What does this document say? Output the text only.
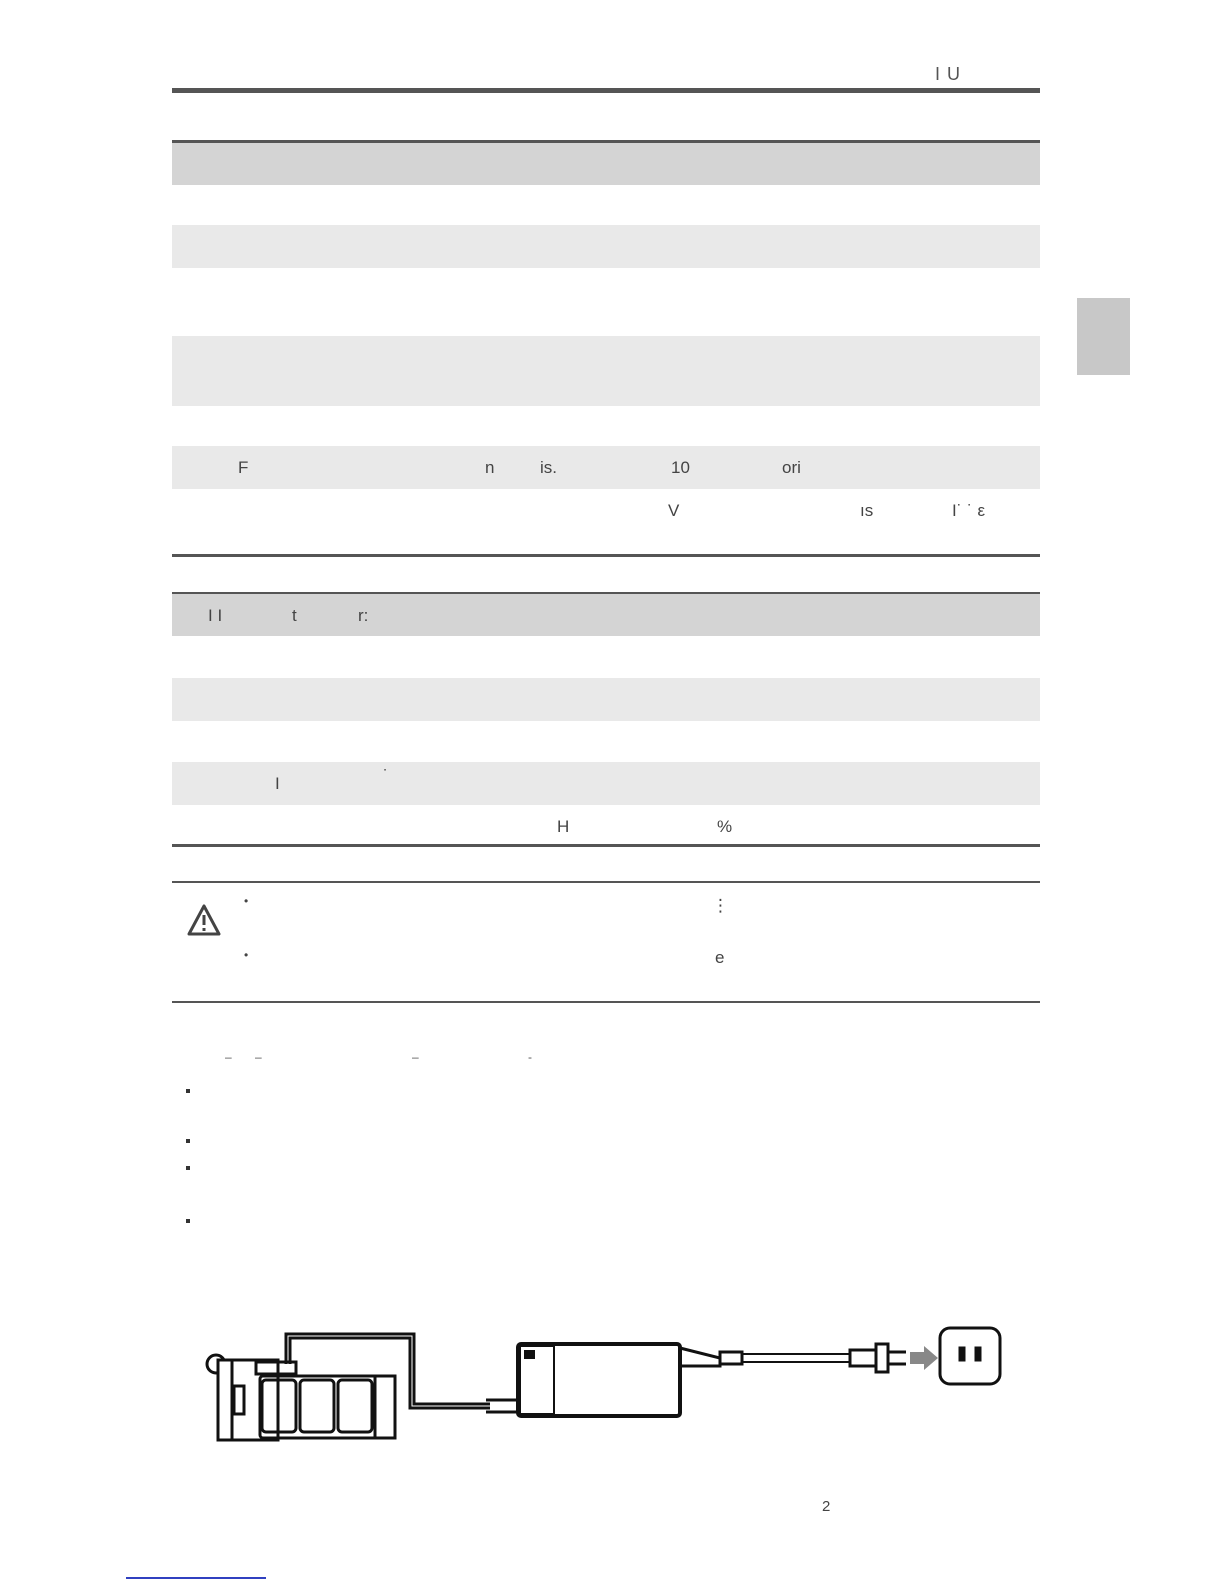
I U
F	n	is.	10	ori
V	ıs	I˙ ˙ ε
I I	t	r:
I	˙
H	%
•	⋮
•	e
‒ ‒	‒	-
2
